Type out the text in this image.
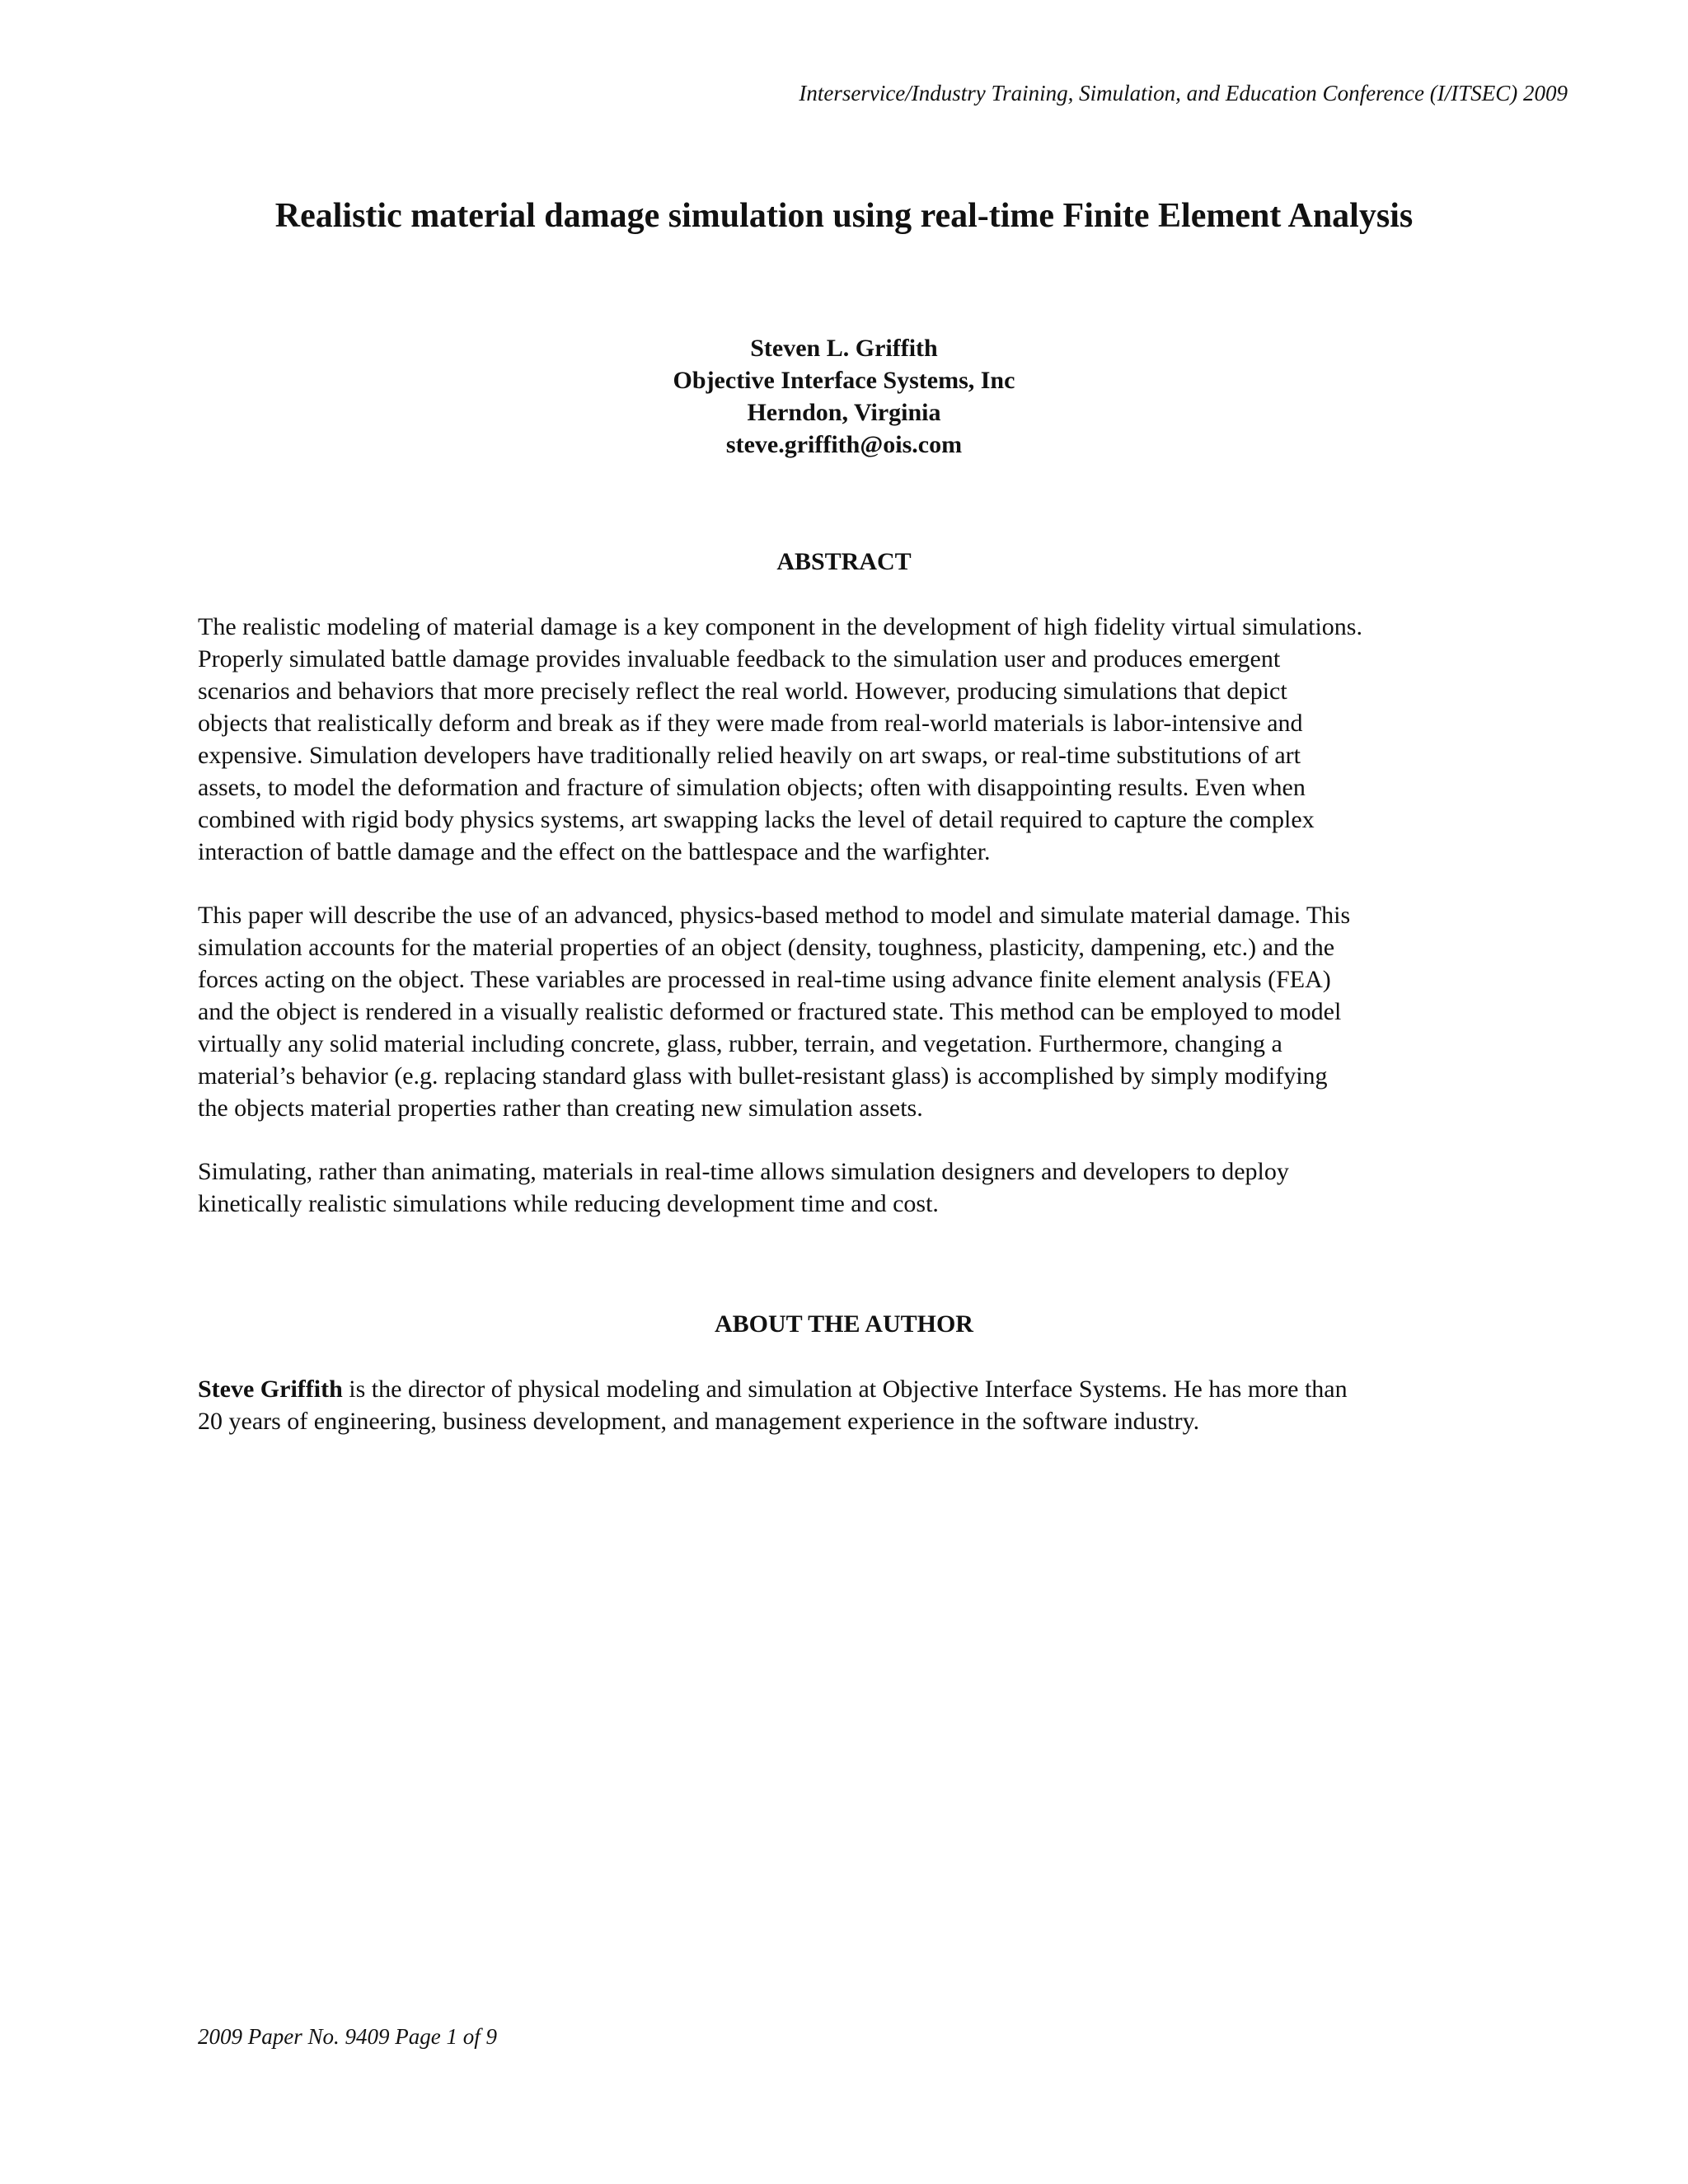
Interservice/Industry Training, Simulation, and Education Conference (I/ITSEC) 2009
Realistic material damage simulation using real-time Finite Element Analysis
Steven L. Griffith
Objective Interface Systems, Inc
Herndon, Virginia
steve.griffith@ois.com
ABSTRACT
The realistic modeling of material damage is a key component in the development of high fidelity virtual simulations.
Properly simulated battle damage provides invaluable feedback to the simulation user and produces emergent
scenarios and behaviors that more precisely reflect the real world. However, producing simulations that depict
objects that realistically deform and break as if they were made from real-world materials is labor-intensive and
expensive. Simulation developers have traditionally relied heavily on art swaps, or real-time substitutions of art
assets, to model the deformation and fracture of simulation objects; often with disappointing results. Even when
combined with rigid body physics systems, art swapping lacks the level of detail required to capture the complex
interaction of battle damage and the effect on the battlespace and the warfighter.
This paper will describe the use of an advanced, physics-based method to model and simulate material damage. This
simulation accounts for the material properties of an object (density, toughness, plasticity, dampening, etc.) and the
forces acting on the object. These variables are processed in real-time using advance finite element analysis (FEA)
and the object is rendered in a visually realistic deformed or fractured state. This method can be employed to model
virtually any solid material including concrete, glass, rubber, terrain, and vegetation. Furthermore, changing a
material’s behavior (e.g. replacing standard glass with bullet-resistant glass) is accomplished by simply modifying
the objects material properties rather than creating new simulation assets.
Simulating, rather than animating, materials in real-time allows simulation designers and developers to deploy
kinetically realistic simulations while reducing development time and cost.
ABOUT THE AUTHOR
Steve Griffith is the director of physical modeling and simulation at Objective Interface Systems. He has more than
20 years of engineering, business development, and management experience in the software industry.
2009 Paper No. 9409 Page 1 of 9
